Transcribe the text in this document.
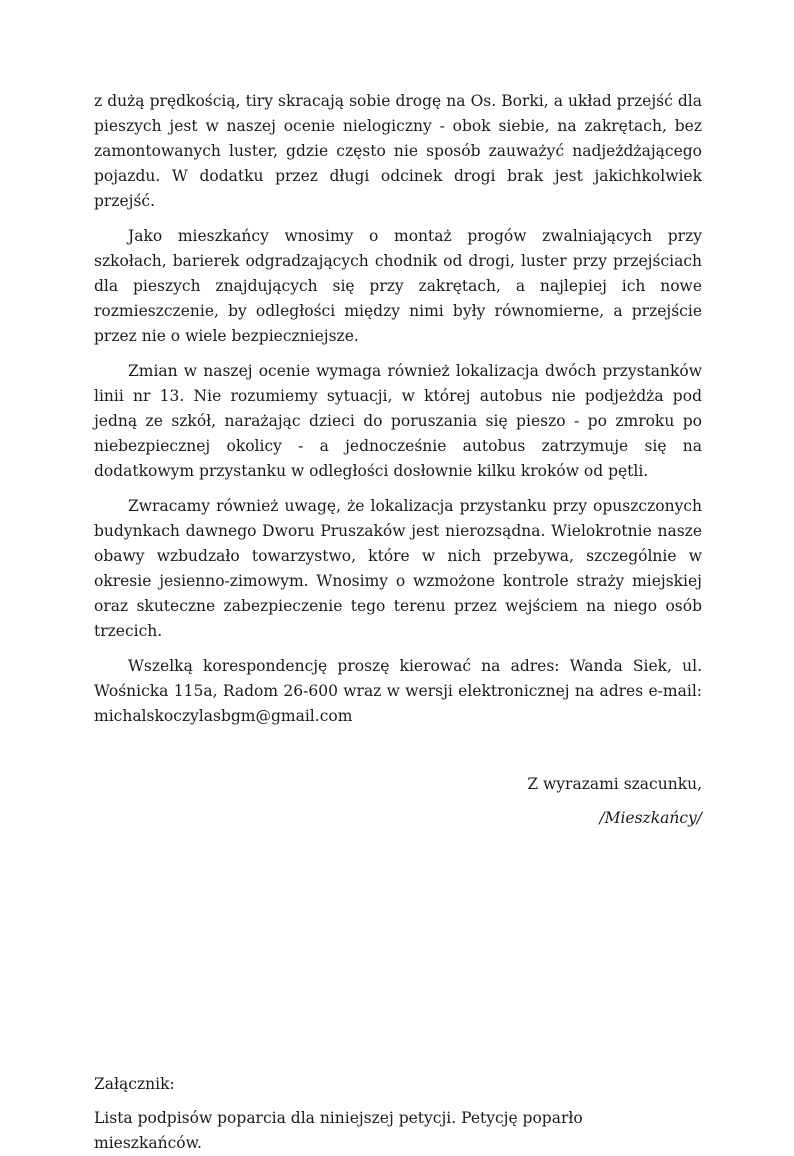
z dużą prędkością, tiry skracają sobie drogę na Os. Borki, a układ przejść dla pieszych jest w naszej ocenie nielogiczny - obok siebie, na zakrętach, bez zamontowanych luster, gdzie często nie sposób zauważyć nadjeżdżającego pojazdu. W dodatku przez długi odcinek drogi brak jest jakichkolwiek przejść.

Jako mieszkańcy wnosimy o montaż progów zwalniających przy szkołach, barierek odgradzających chodnik od drogi, luster przy przejściach dla pieszych znajdujących się przy zakrętach, a najlepiej ich nowe rozmieszczenie, by odległości między nimi były równomierne, a przejście przez nie o wiele bezpieczniejsze.

Zmian w naszej ocenie wymaga również lokalizacja dwóch przystanków linii nr 13. Nie rozumiemy sytuacji, w której autobus nie podjeżdża pod jedną ze szkół, narażając dzieci do poruszania się pieszo - po zmroku po niebezpiecznej okolicy - a jednocześnie autobus zatrzymuje się na dodatkowym przystanku w odległości dosłownie kilku kroków od pętli.

Zwracamy również uwagę, że lokalizacja przystanku przy opuszczonych budynkach dawnego Dworu Pruszaków jest nierozsądna. Wielokrotnie nasze obawy wzbudzało towarzystwo, które w nich przebywa, szczególnie w okresie jesienno-zimowym. Wnosimy o wzmożone kontrole straży miejskiej oraz skuteczne zabezpieczenie tego terenu przez wejściem na niego osób trzecich.

Wszelką korespondencję proszę kierować na adres: Wanda Siek, ul. Wośnicka 115a, Radom 26-600 wraz w wersji elektronicznej na adres e-mail: michalskoczylasbgm@gmail.com

Z wyrazami szacunku,

/Mieszkańcy/

Załącznik:

Lista podpisów poparcia dla niniejszej petycji. Petycję poparłomieszkańców.
